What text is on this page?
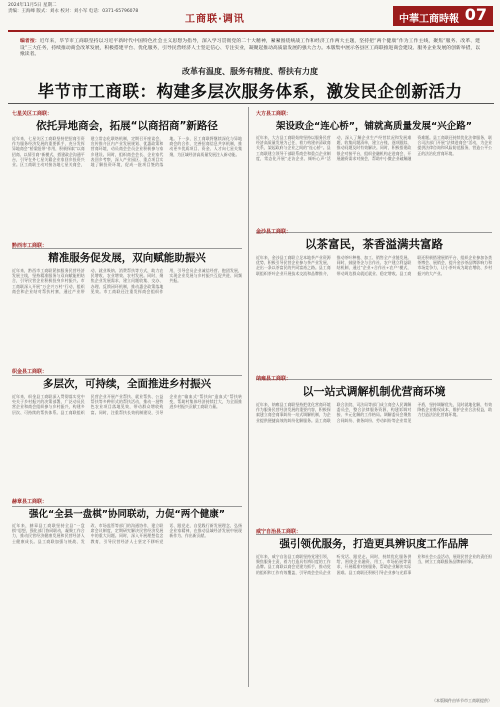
2024年11月5日 星期二
责编：王海峰 版式：刘永 校对：刘小军 电话：0371-65796078
工商联·调讯	中華工商時報 07
编者按：近年来，毕节市工商联坚持以习近平新时代中国特色社会主义思想为指导，深入学习贯彻党的二十大精神，紧紧围绕统战工作和经济工作两大主题，坚持把“两个健康”作为工作主线，聚焦“服务、改革、建设”三大任务，持续推动商会改革发展，积极搭建平台、优化服务，引导民营经济人士坚定信心、专注实业，凝聚起推动高质量发展的强大合力。本版集中展示各县区工商联推进商会建设、服务企业发展的创新举措，以飨读者。
改革有温度、服务有精度、帮扶有力度
毕节市工商联：构建多层次服务体系，激发民企创新活力
七星关区工商联：
依托异地商会，拓展“以商招商”新路径
近年来，七星关区工商联坚持把招商引资作为服务经济发展的重要抓手，充分发挥异地商会“桥梁纽带”作用，积极探索“以商招商、以情引商”新模式，搭建政企沟通平台，引导在外七星关籍企业家回乡投资兴业。区工商联主动对接各地七星关商会，建立常态化联络机制，定期召开座谈会，宣传推介区内产业发展规划、优惠政策和营商环境，动员商会会员企业积极参与家乡建设。同时，组织商会会长、企业家代表回乡考察，深入产业园区、重点项目实地了解投资环境，促成一批项目签约落地。下一步，区工商联将继续深化与异地商会的合作，完善招商信息共享机制，推动更多优质项目、资金、人才向七星关集聚，为区域经济高质量发展注入新动能。
黔西市工商联：
精准服务促发展，双向赋能助振兴
近年来，黔西市工商联紧扣服务民营经济发展主线，坚持精准服务与双向赋能相结合，引导民营企业积极投身乡村振兴。市工商联深入开展“万企兴万村”行动，组织商会和企业结对帮扶村寨，通过产业带动、就业吸纳、消费帮扶等方式，助力农民增收、农业增效、农村发展。同时，聚焦企业发展需求，建立问题收集、交办、办理、反馈闭环机制，推动惠企政策落地见效。市工商联还注重发挥商会组织作用，引导会员企业诚信经营、抱团发展，实现企业发展与乡村振兴互促共进、同频共振。
织金县工商联：
多层次，可持续，全面推进乡村振兴
近年来，织金县工商联深入贯彻落实党中央关于乡村振兴的决策部署，广泛动员民营企业和商会组织参与乡村振兴，构建多层次、可持续的帮扶体系。县工商联组织民营企业开展产业帮扶、就业帮扶、公益帮扶等多种形式的帮扶活动，推动一批特色农业项目落地见效，带动群众增收致富。同时，注重帮扶长效机制建设，引导企业由“输血式”帮扶向“造血式”帮扶转变，帮助村集体经济持续壮大，为全面推进乡村振兴贡献工商联力量。
赫章县工商联：
强化“全县一盘棋”协同联动，力促“两个健康”
近年来，赫章县工商联坚持全县“一盘棋”思想，强化部门协同联动，凝聚工作合力，推动民营经济健康发展和民营经济人士健康成长。县工商联加强与统战、发改、市场监管等部门的沟通协作，建立联席会议制度，定期研究解决民营经济发展中的重大问题。同时，深入开展理想信念教育，引导民营经济人士坚定不移听党话、跟党走，自觉践行新发展理念，弘扬企业家精神，在推动县域经济发展中展现新作为、作出新贡献。
大方县工商联：
架设政企“连心桥”，铺就高质量发展“兴企路”
近年来，大方县工商联始终坚持以服务民营经济高质量发展为己任，着力构建亲清政商关系，架起政府与企业之间的“连心桥”。县工商联建立领导干部联系商会和重点企业制度，常态化开展“走访企业、倾听心声”活动，深入了解企业生产经营状况和发展难题，收集问题清单，建立台账，逐项跟踪，推动问题及时有效解决。同时，积极搭建政银企对接平台，组织金融机构走进商会，开展融资需求对接会，帮助中小微企业破解融资难题。县工商联还持续优化法律服务，联合司法部门开展“法律进商会”活动，为企业提供法律咨询和风险防范服务，营造公平公正的法治化营商环境。
金沙县工商联：
以茶富民，茶香溢满共富路
近年来，金沙县工商联立足本地茶产业资源优势，积极引导民营企业参与茶产业发展，走出一条以茶富民的共同富裕之路。县工商联组织茶叶企业开展技术交流和品牌推介，推动茶叶种植、加工、销售全产业链发展。同时，鼓励茶企与合作社、农户建立利益联结机制，通过“企业+合作社+农户”模式，带动周边群众就近就业、稳定增收。县工商联还积极搭建展销平台，组织企业参加各类茶博会、展销会，提升金沙茶品牌影响力和市场竞争力，让小茶叶成为助农增收、乡村振兴的大产业。
纳雍县工商联：
以一站式调解机制优营商环境
近年来，纳雍县工商联坚持把优化营商环境作为服务民营经济发展的重要内容，积极探索建立商会商事纠纷一站式调解机制，为企业提供便捷高效的纠纷化解服务。县工商联联合法院、司法局等部门成立商会人民调解委员会，整合法律服务资源，构建诉调对接、多元化解的工作格局。调解委员会聚焦合同纠纷、债务纠纷、劳动纠纷等企业常见矛盾，坚持调解优先，及时就地化解，有效降低企业维权成本，维护企业合法权益，助力打造法治化营商环境。
威宁自治县工商联：
强引领优服务，打造更具辨识度工作品牌
近年来，威宁自治县工商联坚持党建引领，聚焦服务主责，着力打造具有辨识度的工作品牌。县工商联以商会党建为抓手，推动党的组织和工作有效覆盖，引导商会会员企业听党话、跟党走。同时，持续优化服务供给，围绕企业融资、用工、市场拓展等需求，开展精准对接服务，帮助企业解决实际困难。县工商联还积极引导企业参与光彩事业和社会公益活动，展现民营企业的责任担当，树立工商联服务品牌新形象。
（本版稿件由毕节市工商联提供）
